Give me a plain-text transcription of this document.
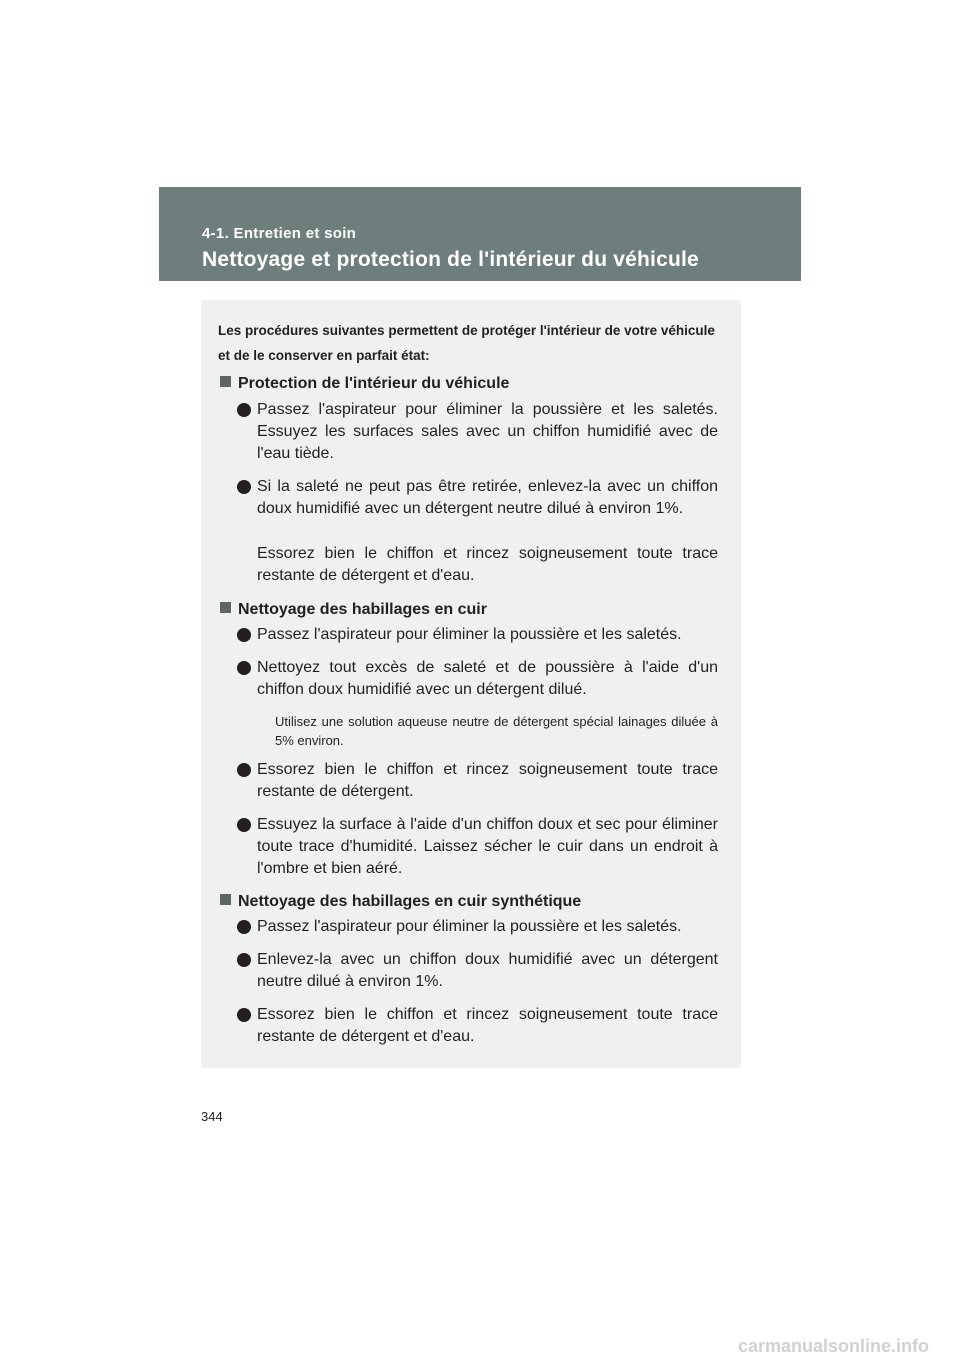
4-1. Entretien et soin
Nettoyage et protection de l'intérieur du véhicule
Les procédures suivantes permettent de protéger l'intérieur de votre véhicule et de le conserver en parfait état:
Protection de l'intérieur du véhicule
Passez l'aspirateur pour éliminer la poussière et les saletés. Essuyez les surfaces sales avec un chiffon humidifié avec de l'eau tiède.
Si la saleté ne peut pas être retirée, enlevez-la avec un chiffon doux humidifié avec un détergent neutre dilué à environ 1%.
Essorez bien le chiffon et rincez soigneusement toute trace restante de détergent et d'eau.
Nettoyage des habillages en cuir
Passez l'aspirateur pour éliminer la poussière et les saletés.
Nettoyez tout excès de saleté et de poussière à l'aide d'un chiffon doux humidifié avec un détergent dilué.
Utilisez une solution aqueuse neutre de détergent spécial lainages diluée à 5% environ.
Essorez bien le chiffon et rincez soigneusement toute trace restante de détergent.
Essuyez la surface à l'aide d'un chiffon doux et sec pour éliminer toute trace d'humidité. Laissez sécher le cuir dans un endroit à l'ombre et bien aéré.
Nettoyage des habillages en cuir synthétique
Passez l'aspirateur pour éliminer la poussière et les saletés.
Enlevez-la avec un chiffon doux humidifié avec un détergent neutre dilué à environ 1%.
Essorez bien le chiffon et rincez soigneusement toute trace restante de détergent et d'eau.
344
carmanualsonline.info
